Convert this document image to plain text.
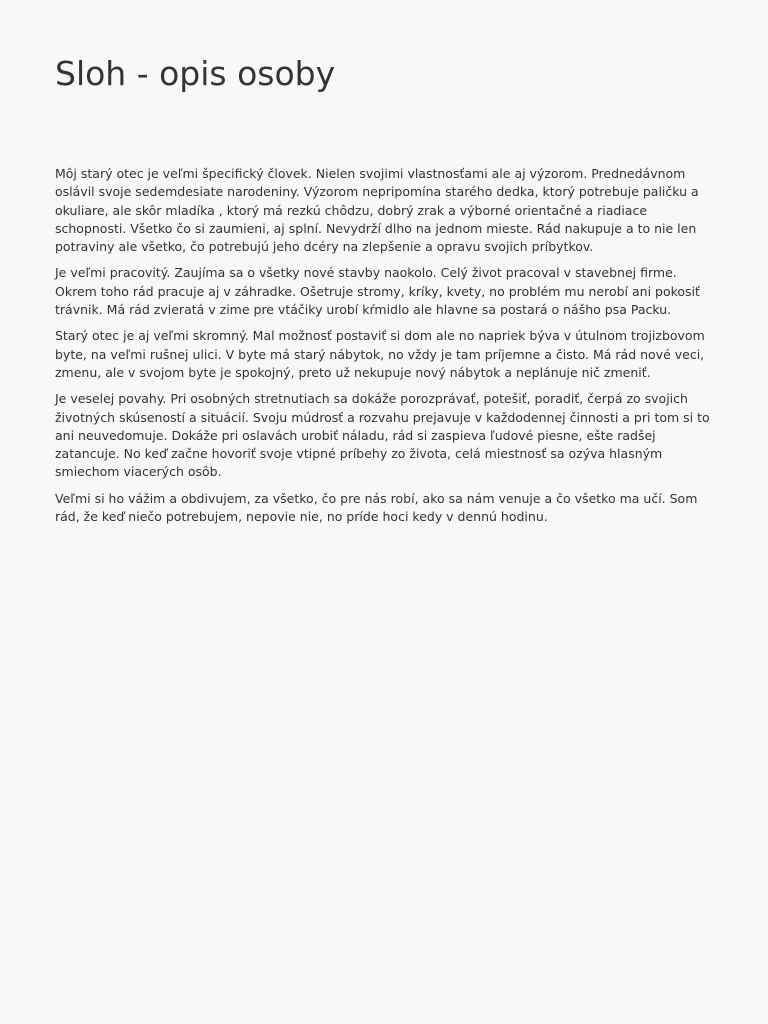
Sloh - opis osoby

Môj starý otec je veľmi špecifický človek. Nielen svojimi vlastnosťami ale aj výzorom. Prednedávnom oslávil svoje sedemdesiate narodeniny. Výzorom nepripomína starého dedka, ktorý potrebuje paličku a okuliare, ale skôr mladíka , ktorý má rezkú chôdzu, dobrý zrak a výborné orientačné a riadiace schopnosti. Všetko čo si zaumieni, aj splní. Nevydrží dlho na jednom mieste. Rád nakupuje a to nie len potraviny ale všetko, čo potrebujú jeho dcéry na zlepšenie a opravu svojich príbytkov.

Je veľmi pracovitý. Zaujíma sa o všetky nové stavby naokolo. Celý život pracoval v stavebnej firme. Okrem toho rád pracuje aj v záhradke. Ošetruje stromy, kríky, kvety, no problém mu nerobí ani pokosiť trávnik. Má rád zvieratá v zime pre vtáčiky urobí kŕmidlo ale hlavne sa postará o nášho psa Packu.

Starý otec je aj veľmi skromný. Mal možnosť postaviť si dom ale no napriek býva v útulnom trojizbovom byte, na veľmi rušnej ulici. V byte má starý nábytok, no vždy je tam príjemne a čisto. Má rád nové veci, zmenu, ale v svojom byte je spokojný, preto už nekupuje nový nábytok a neplánuje nič zmeniť.

Je veselej povahy. Pri osobných stretnutiach sa dokáže porozprávať, potešiť, poradiť, čerpá zo svojich životných skúseností a situácií. Svoju múdrosť a rozvahu prejavuje v každodennej činnosti a pri tom si to ani neuvedomuje. Dokáže pri oslavách urobiť náladu, rád si zaspieva ľudové piesne, ešte radšej zatancuje. No keď začne hovoriť svoje vtipné príbehy zo života, celá miestnosť sa ozýva hlasným smiechom viacerých osôb.

Veľmi si ho vážim a obdivujem, za všetko, čo pre nás robí, ako sa nám venuje a čo všetko ma učí. Som rád, že keď niečo potrebujem, nepovie nie, no príde hoci kedy v dennú hodinu.
